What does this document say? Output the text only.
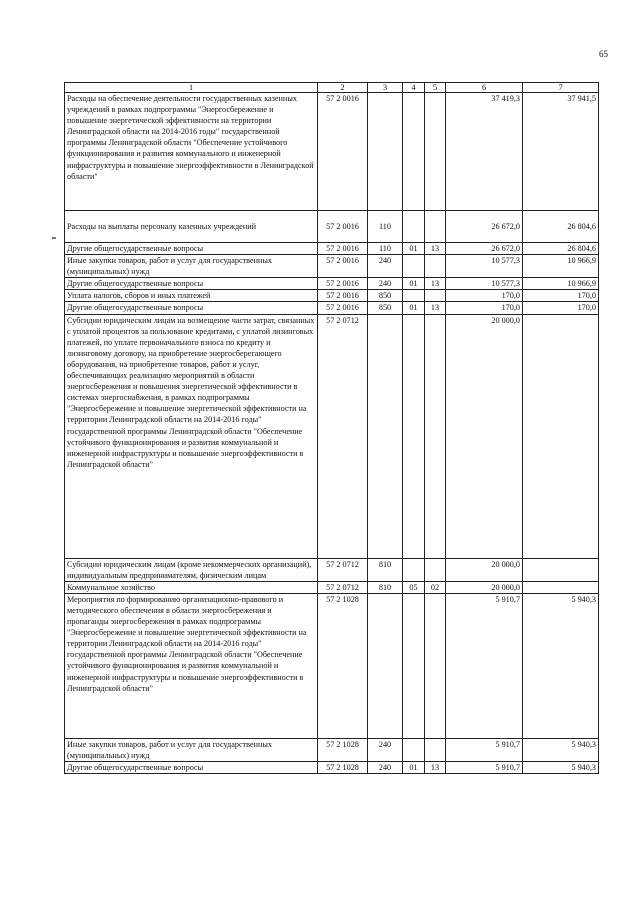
65
1	2	3	4	5	6	7
Расходы на обеспечение деятельности государственных казенных учреждений в рамках подпрограммы "Энергосбережение и повышение энергетической эффективности на территории Ленинградской области на 2014-2016 годы" государственной программы Ленинградской области "Обеспечение устойчивого функционирования и развития коммунального и инженерной инфраструктуры и повышение энергоэффективности в Ленинградской области"	57 2 0016				37 419,3	37 941,5
Расходы на выплаты персоналу казенных учреждений	57 2 0016	110			26 672,0	26 804,6
Другие общегосударственные вопросы	57 2 0016	110	01	13	26 672,0	26 804,6
Иные закупки товаров, работ и услуг для государственных (муниципальных) нужд	57 2 0016	240			10 577,3	10 966,9
Другие общегосударственные вопросы	57 2 0016	240	01	13	10 577,3	10 966,9
Уплата налогов, сборов и иных платежей	57 2 0016	850			170,0	170,0
Другие общегосударственные вопросы	57 2 0016	850	01	13	170,0	170,0
Субсидии юридическим лицам на возмещение части затрат, связанных с уплатой процентов за пользование кредитами, с уплатой лизинговых платежей, по уплате первоначального взноса по кредиту и лизинговому договору, на приобретение энергосберегающего оборудования, на приобретение товаров, работ и услуг, обеспечивающих реализацию мероприятий в области энергосбережения и повышения энергетической эффективности в системах энергоснабжения, в рамках подпрограммы "Энергосбережение и повышение энергетической эффективности на территории Ленинградской области на 2014-2016 годы" государственной программы Ленинградской области "Обеспечение устойчивого функционирования и развития коммунальной и инженерной инфраструктуры и повышение энергоэффективности в Ленинградской области"	57 2 0712				20 000,0	
Субсидии юридическим лицам (кроме некоммерческих организаций), индивидуальным предпринимателям, физическим лицам	57 2 0712	810			20 000,0	
Коммунальное хозяйство	57 2 0712	810	05	02	20 000,0	
Мероприятия по формированию организационно-правового и методического обеспечения в области энергосбережения и пропаганды энергосбережения в рамках подпрограммы "Энергосбережение и повышение энергетической эффективности на территории Ленинградской области на 2014-2016 годы" государственной программы Ленинградской области "Обеспечение устойчивого функционирования и развития коммунальной и инженерной инфраструктуры и повышение энергоэффективности в Ленинградской области"	57 2 1028				5 910,7	5 940,3
Иные закупки товаров, работ и услуг для государственных (муниципальных) нужд	57 2 1028	240			5 910,7	5 940,3
Другие общегосударственные вопросы	57 2 1028	240	01	13	5 910,7	5 940,3
